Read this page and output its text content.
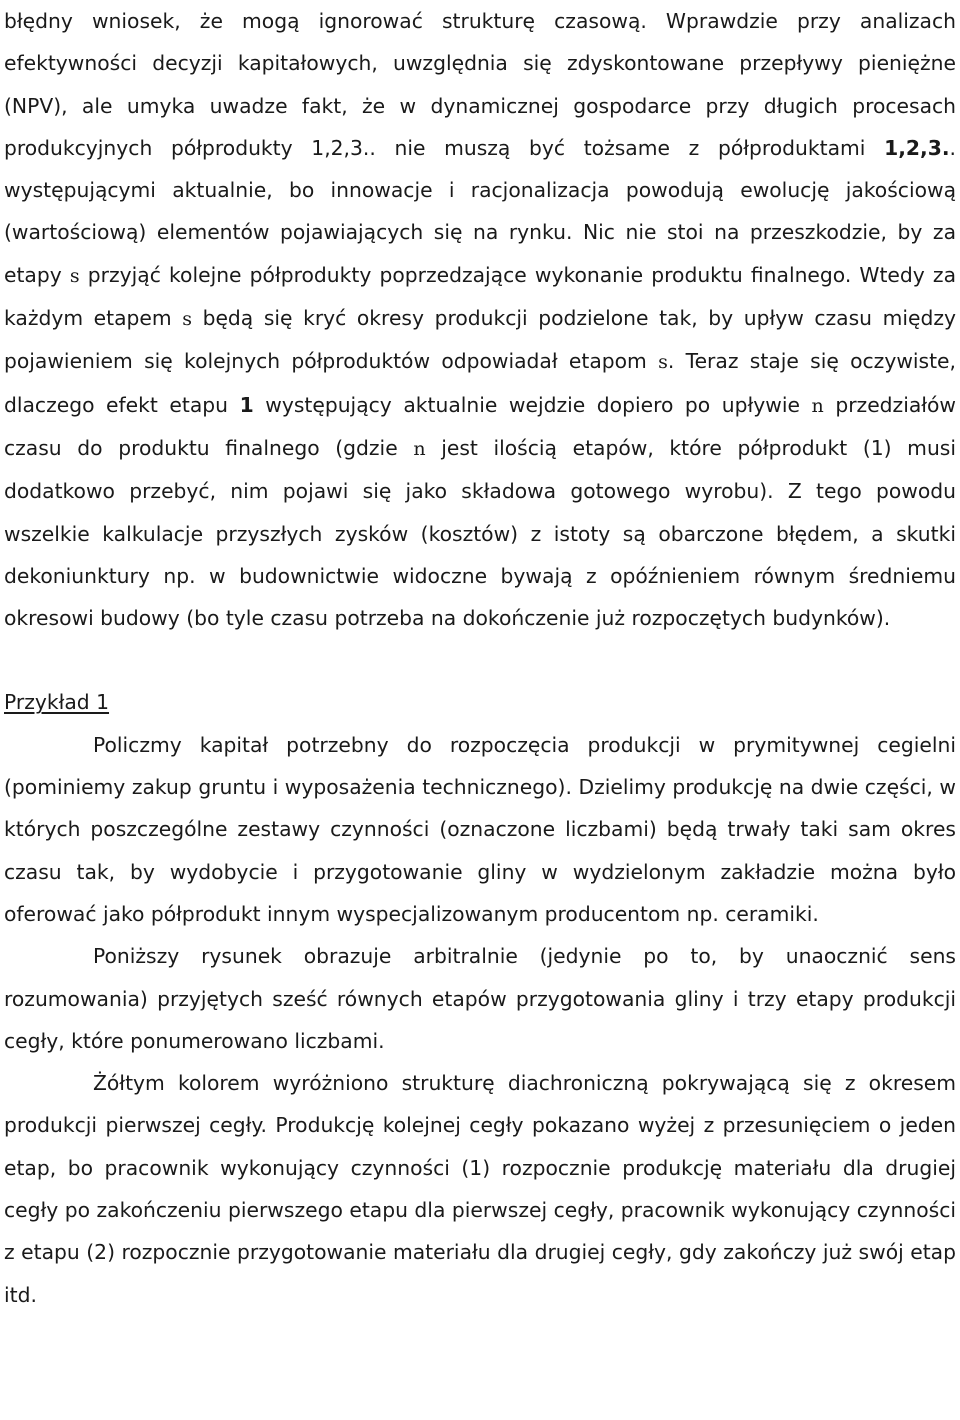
błędny wniosek, że mogą ignorować strukturę czasową. Wprawdzie przy analizach efektywności decyzji kapitałowych, uwzględnia się zdyskontowane przepływy pieniężne (NPV), ale umyka uwadze fakt, że w dynamicznej gospodarce przy długich procesach produkcyjnych półprodukty 1,2,3.. nie muszą być tożsame z półproduktami 1,2,3.. występującymi aktualnie, bo innowacje i racjonalizacja powodują ewolucję jakościową (wartościową) elementów pojawiających się na rynku. Nic nie stoi na przeszkodzie, by za etapy s przyjąć kolejne półprodukty poprzedzające wykonanie produktu finalnego. Wtedy za każdym etapem s będą się kryć okresy produkcji podzielone tak, by upływ czasu między pojawieniem się kolejnych półproduktów odpowiadał etapom s. Teraz staje się oczywiste, dlaczego efekt etapu 1 występujący aktualnie wejdzie dopiero po upływie n przedziałów czasu do produktu finalnego (gdzie n jest ilością etapów, które półprodukt (1) musi dodatkowo przebyć, nim pojawi się jako składowa gotowego wyrobu). Z tego powodu wszelkie kalkulacje przyszłych zysków (kosztów) z istoty są obarczone błędem, a skutki dekoniunktury np. w budownictwie widoczne bywają z opóźnieniem równym średniemu okresowi budowy (bo tyle czasu potrzeba na dokończenie już rozpoczętych budynków).

Przykład 1

Policzmy kapitał potrzebny do rozpoczęcia produkcji w prymitywnej cegielni (pominiemy zakup gruntu i wyposażenia technicznego). Dzielimy produkcję na dwie części, w których poszczególne zestawy czynności (oznaczone liczbami) będą trwały taki sam okres czasu tak, by wydobycie i przygotowanie gliny w wydzielonym zakładzie można było oferować jako półprodukt innym wyspecjalizowanym producentom np. ceramiki.

Poniższy rysunek obrazuje arbitralnie (jedynie po to, by unaocznić sens rozumowania) przyjętych sześć równych etapów przygotowania gliny i trzy etapy produkcji cegły, które ponumerowano liczbami.

Żółtym kolorem wyróżniono strukturę diachroniczną pokrywającą się z okresem produkcji pierwszej cegły. Produkcję kolejnej cegły pokazano wyżej z przesunięciem o jeden etap, bo pracownik wykonujący czynności (1) rozpocznie produkcję materiału dla drugiej cegły po zakończeniu pierwszego etapu dla pierwszej cegły, pracownik wykonujący czynności z etapu (2) rozpocznie przygotowanie materiału dla drugiej cegły, gdy zakończy już swój etap itd.
